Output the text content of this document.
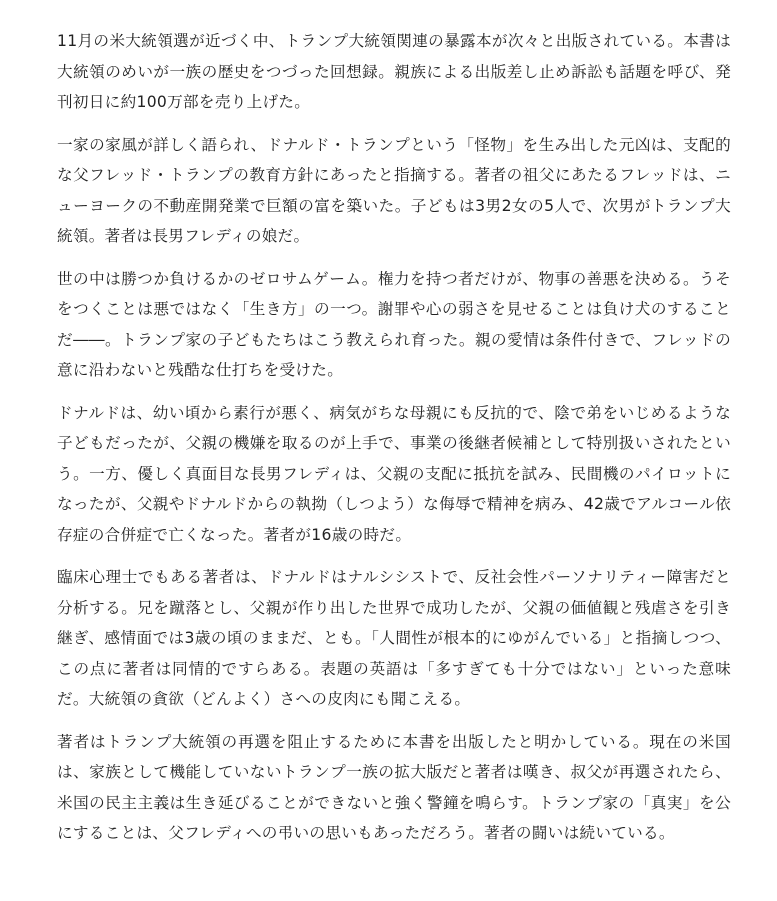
11月の米大統領選が近づく中、トランプ大統領関連の暴露本が次々と出版されている。本書は大統領のめいが一族の歴史をつづった回想録。親族による出版差し止め訴訟も話題を呼び、発刊初日に約100万部を売り上げた。

一家の家風が詳しく語られ、ドナルド・トランプという「怪物」を生み出した元凶は、支配的な父フレッド・トランプの教育方針にあったと指摘する。著者の祖父にあたるフレッドは、ニューヨークの不動産開発業で巨額の富を築いた。子どもは3男2女の5人で、次男がトランプ大統領。著者は長男フレディの娘だ。

世の中は勝つか負けるかのゼロサムゲーム。権力を持つ者だけが、物事の善悪を決める。うそをつくことは悪ではなく「生き方」の一つ。謝罪や心の弱さを見せることは負け犬のすることだ――。トランプ家の子どもたちはこう教えられ育った。親の愛情は条件付きで、フレッドの意に沿わないと残酷な仕打ちを受けた。

ドナルドは、幼い頃から素行が悪く、病気がちな母親にも反抗的で、陰で弟をいじめるような子どもだったが、父親の機嫌を取るのが上手で、事業の後継者候補として特別扱いされたという。一方、優しく真面目な長男フレディは、父親の支配に抵抗を試み、民間機のパイロットになったが、父親やドナルドからの執拗（しつよう）な侮辱で精神を病み、42歳でアルコール依存症の合併症で亡くなった。著者が16歳の時だ。

臨床心理士でもある著者は、ドナルドはナルシシストで、反社会性パーソナリティー障害だと分析する。兄を蹴落とし、父親が作り出した世界で成功したが、父親の価値観と残虐さを引き継ぎ、感情面では3歳の頃のままだ、とも。「人間性が根本的にゆがんでいる」と指摘しつつ、この点に著者は同情的ですらある。表題の英語は「多すぎても十分ではない」といった意味だ。大統領の貪欲（どんよく）さへの皮肉にも聞こえる。

著者はトランプ大統領の再選を阻止するために本書を出版したと明かしている。現在の米国は、家族として機能していないトランプ一族の拡大版だと著者は嘆き、叔父が再選されたら、米国の民主主義は生き延びることができないと強く警鐘を鳴らす。トランプ家の「真実」を公にすることは、父フレディへの弔いの思いもあっただろう。著者の闘いは続いている。
